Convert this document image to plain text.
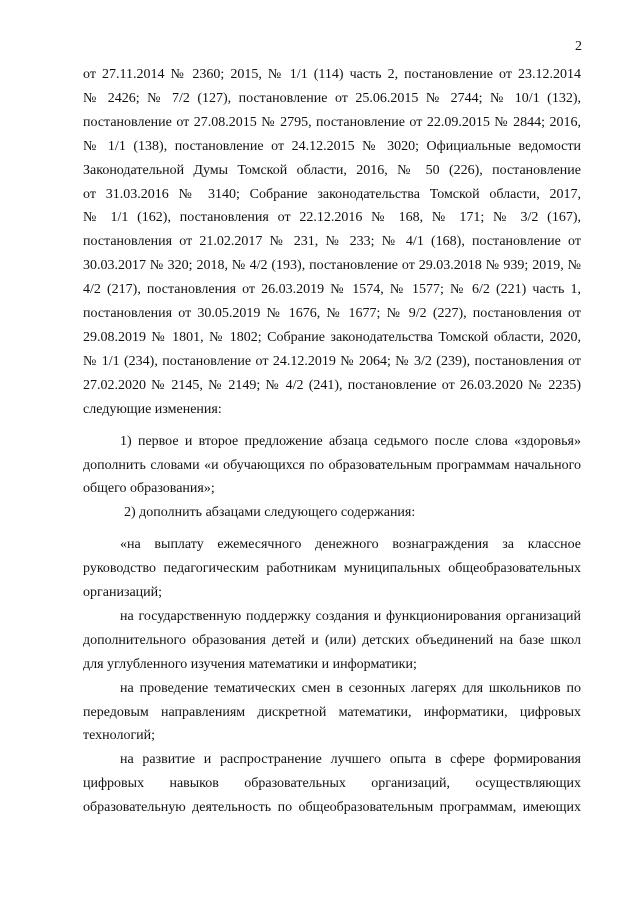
2
от 27.11.2014 № 2360; 2015, № 1/1 (114) часть 2, постановление от 23.12.2014
№ 2426; № 7/2 (127), постановление от 25.06.2015 № 2744; № 10/1 (132),
постановление от 27.08.2015 № 2795, постановление от 22.09.2015 № 2844; 2016,
№ 1/1 (138), постановление от 24.12.2015 № 3020; Официальные ведомости
Законодательной Думы Томской области, 2016, № 50 (226), постановление
от 31.03.2016 № 3140; Собрание законодательства Томской области, 2017,
№ 1/1 (162), постановления от 22.12.2016 № 168, № 171; № 3/2 (167),
постановления от 21.02.2017 № 231, № 233; № 4/1 (168), постановление от
30.03.2017 № 320; 2018, № 4/2 (193), постановление от 29.03.2018 № 939; 2019, №
4/2 (217), постановления от 26.03.2019 № 1574, № 1577; № 6/2 (221) часть 1,
постановления от 30.05.2019 № 1676, № 1677; № 9/2 (227), постановления от
29.08.2019 № 1801, № 1802; Собрание законодательства Томской области, 2020,
№ 1/1 (234), постановление от 24.12.2019 № 2064; № 3/2 (239), постановления от
27.02.2020 № 2145, № 2149; № 4/2 (241), постановление от 26.03.2020 № 2235)
следующие изменения:
1) первое и второе предложение абзаца седьмого после слова «здоровья»
дополнить словами «и обучающихся по образовательным программам начального
общего образования»;
2) дополнить абзацами следующего содержания:
«на выплату ежемесячного денежного вознаграждения за классное
руководство педагогическим работникам муниципальных общеобразовательных
организаций;
на государственную поддержку создания и функционирования организаций
дополнительного образования детей и (или) детских объединений на базе школ
для углубленного изучения математики и информатики;
на проведение тематических смен в сезонных лагерях для школьников по
передовым направлениям дискретной математики, информатики, цифровых
технологий;
на развитие и распространение лучшего опыта в сфере формирования
цифровых навыков образовательных организаций, осуществляющих
образовательную деятельность по общеобразовательным программам, имеющих
